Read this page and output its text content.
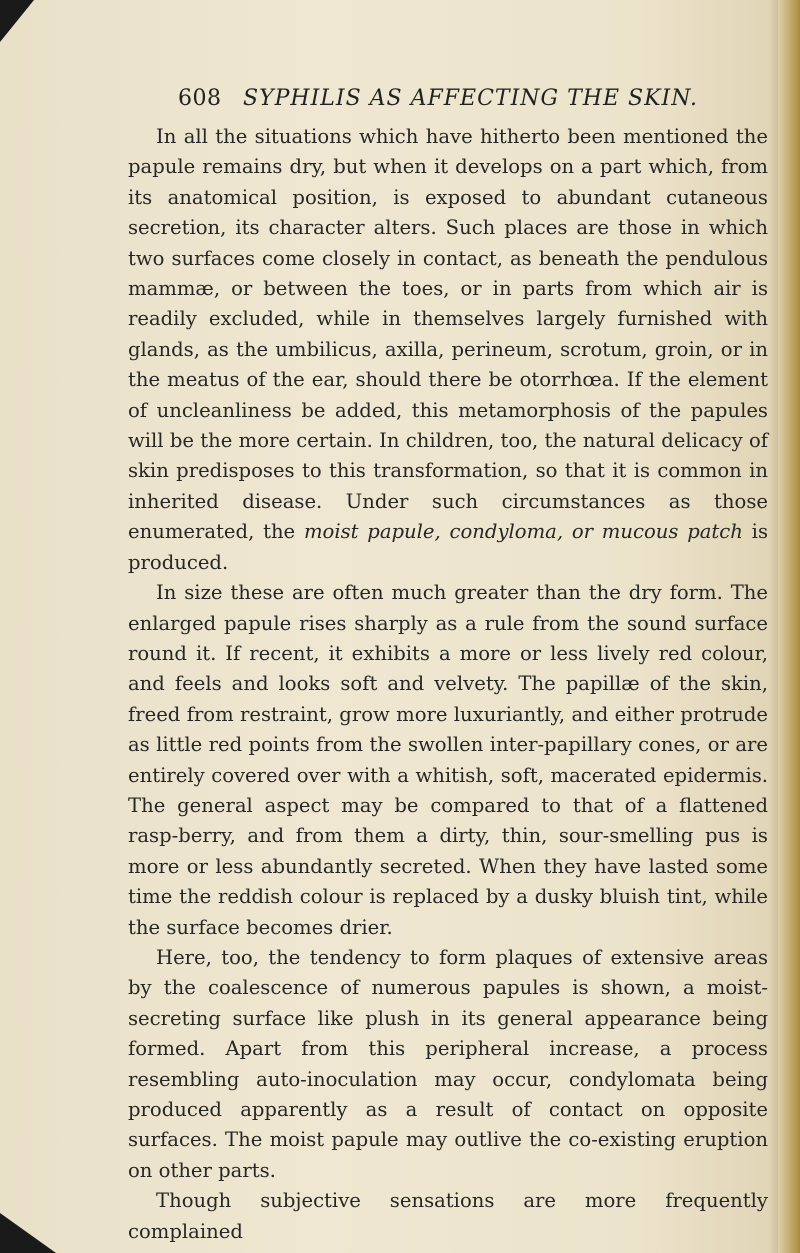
608 SYPHILIS AS AFFECTING THE SKIN.

In all the situations which have hitherto been mentioned the papule remains dry, but when it develops on a part which, from its anatomical position, is exposed to abundant cutaneous secretion, its character alters. Such places are those in which two surfaces come closely in contact, as beneath the pendulous mammæ, or between the toes, or in parts from which air is readily excluded, while in themselves largely furnished with glands, as the umbilicus, axilla, perineum, scrotum, groin, or in the meatus of the ear, should there be otorrhœa. If the element of uncleanliness be added, this metamorphosis of the papules will be the more certain. In children, too, the natural delicacy of skin predisposes to this transformation, so that it is common in inherited disease. Under such circumstances as those enumerated, the moist papule, condyloma, or mucous patch is produced.

In size these are often much greater than the dry form. The enlarged papule rises sharply as a rule from the sound surface round it. If recent, it exhibits a more or less lively red colour, and feels and looks soft and velvety. The papillæ of the skin, freed from restraint, grow more luxuriantly, and either protrude as little red points from the swollen inter-papillary cones, or are entirely covered over with a whitish, soft, macerated epidermis. The general aspect may be compared to that of a flattened rasp-berry, and from them a dirty, thin, sour-smelling pus is more or less abundantly secreted. When they have lasted some time the reddish colour is replaced by a dusky bluish tint, while the surface becomes drier.

Here, too, the tendency to form plaques of extensive areas by the coalescence of numerous papules is shown, a moist-secreting surface like plush in its general appearance being formed. Apart from this peripheral increase, a process resembling auto-inoculation may occur, condylomata being produced apparently as a result of contact on opposite surfaces. The moist papule may outlive the co-existing eruption on other parts.

Though subjective sensations are more frequently complained
